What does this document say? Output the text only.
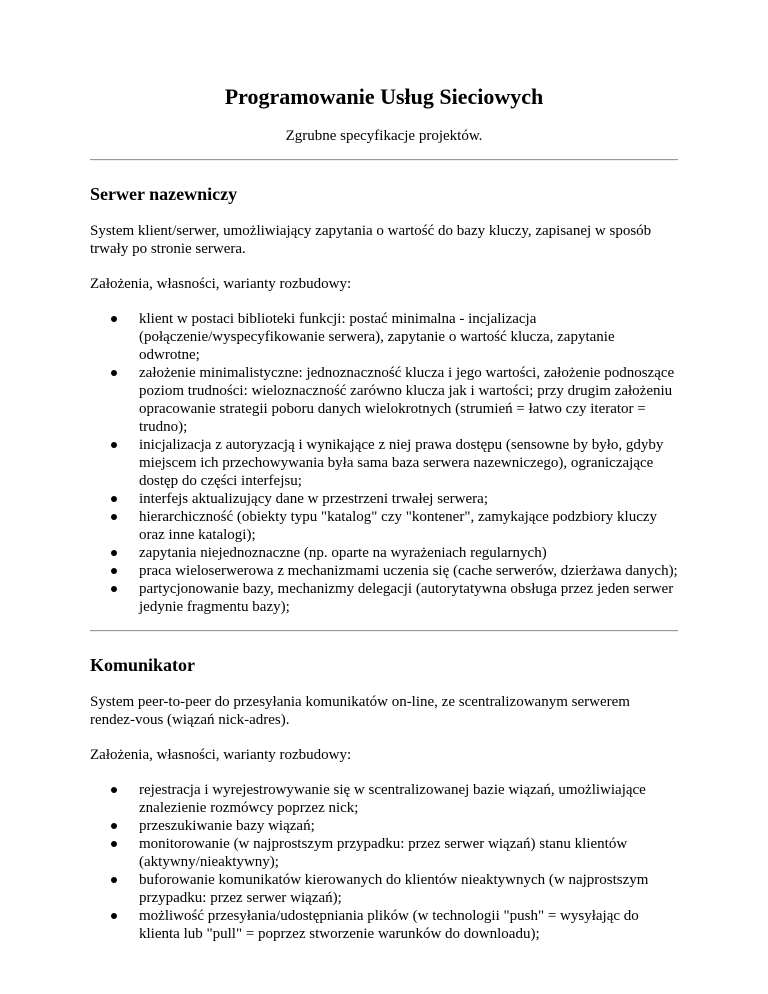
Programowanie Usług Sieciowych

Zgrubne specyfikacje projektów.

Serwer nazewniczy

System klient/serwer, umożliwiający zapytania o wartość do bazy kluczy, zapisanej w sposób trwały po stronie serwera.

Założenia, własności, warianty rozbudowy:

klient w postaci biblioteki funkcji: postać minimalna - incjalizacja (połączenie/wyspecyfikowanie serwera), zapytanie o wartość klucza, zapytanie odwrotne;
założenie minimalistyczne: jednoznaczność klucza i jego wartości, założenie podnoszące poziom trudności: wieloznaczność zarówno klucza jak i wartości; przy drugim założeniu opracowanie strategii poboru danych wielokrotnych (strumień = łatwo czy iterator = trudno);
inicjalizacja z autoryzacją i wynikające z niej prawa dostępu (sensowne by było, gdyby miejscem ich przechowywania była sama baza serwera nazewniczego), ograniczające dostęp do części interfejsu;
interfejs aktualizujący dane w przestrzeni trwałej serwera;
hierarchiczność (obiekty typu "katalog" czy "kontener", zamykające podzbiory kluczy oraz inne katalogi);
zapytania niejednoznaczne (np. oparte na wyrażeniach regularnych)
praca wieloserwerowa z mechanizmami uczenia się (cache serwerów, dzierżawa danych);
partycjonowanie bazy, mechanizmy delegacji (autorytatywna obsługa przez jeden serwer jedynie fragmentu bazy);
Komunikator

System peer-to-peer do przesyłania komunikatów on-line, ze scentralizowanym serwerem rendez-vous (wiązań nick-adres).

Założenia, własności, warianty rozbudowy:

rejestracja i wyrejestrowywanie się w scentralizowanej bazie wiązań, umożliwiające znalezienie rozmówcy poprzez nick;
przeszukiwanie bazy wiązań;
monitorowanie (w najprostszym przypadku: przez serwer wiązań) stanu klientów (aktywny/nieaktywny);
buforowanie komunikatów kierowanych do klientów nieaktywnych (w najprostszym przypadku: przez serwer wiązań);
możliwość przesyłania/udostępniania plików (w technologii "push" = wysyłając do klienta lub "pull" = poprzez stworzenie warunków do downloadu);
